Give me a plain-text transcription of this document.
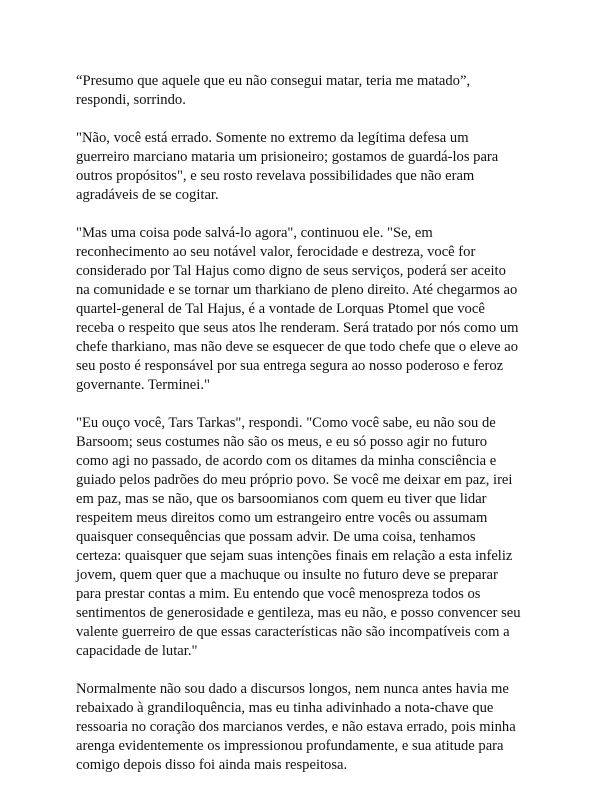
“Presumo que aquele que eu não consegui matar, teria me matado”,
respondi, sorrindo.

"Não, você está errado. Somente no extremo da legítima defesa um
guerreiro marciano mataria um prisioneiro; gostamos de guardá-los para
outros propósitos", e seu rosto revelava possibilidades que não eram
agradáveis de se cogitar.

"Mas uma coisa pode salvá-lo agora", continuou ele. "Se, em
reconhecimento ao seu notável valor, ferocidade e destreza, você for
considerado por Tal Hajus como digno de seus serviços, poderá ser aceito
na comunidade e se tornar um tharkiano de pleno direito. Até chegarmos ao
quartel-general de Tal Hajus, é a vontade de Lorquas Ptomel que você
receba o respeito que seus atos lhe renderam. Será tratado por nós como um
chefe tharkiano, mas não deve se esquecer de que todo chefe que o eleve ao
seu posto é responsável por sua entrega segura ao nosso poderoso e feroz
governante. Terminei."

"Eu ouço você, Tars Tarkas", respondi. "Como você sabe, eu não sou de
Barsoom; seus costumes não são os meus, e eu só posso agir no futuro
como agi no passado, de acordo com os ditames da minha consciência e
guiado pelos padrões do meu próprio povo. Se você me deixar em paz, irei
em paz, mas se não, que os barsoomianos com quem eu tiver que lidar
respeitem meus direitos como um estrangeiro entre vocês ou assumam
quaisquer consequências que possam advir. De uma coisa, tenhamos
certeza: quaisquer que sejam suas intenções finais em relação a esta infeliz
jovem, quem quer que a machuque ou insulte no futuro deve se preparar
para prestar contas a mim. Eu entendo que você menospreza todos os
sentimentos de generosidade e gentileza, mas eu não, e posso convencer seu
valente guerreiro de que essas características não são incompatíveis com a
capacidade de lutar."

Normalmente não sou dado a discursos longos, nem nunca antes havia me
rebaixado à grandiloquência, mas eu tinha adivinhado a nota-chave que
ressoaria no coração dos marcianos verdes, e não estava errado, pois minha
arenga evidentemente os impressionou profundamente, e sua atitude para
comigo depois disso foi ainda mais respeitosa.
